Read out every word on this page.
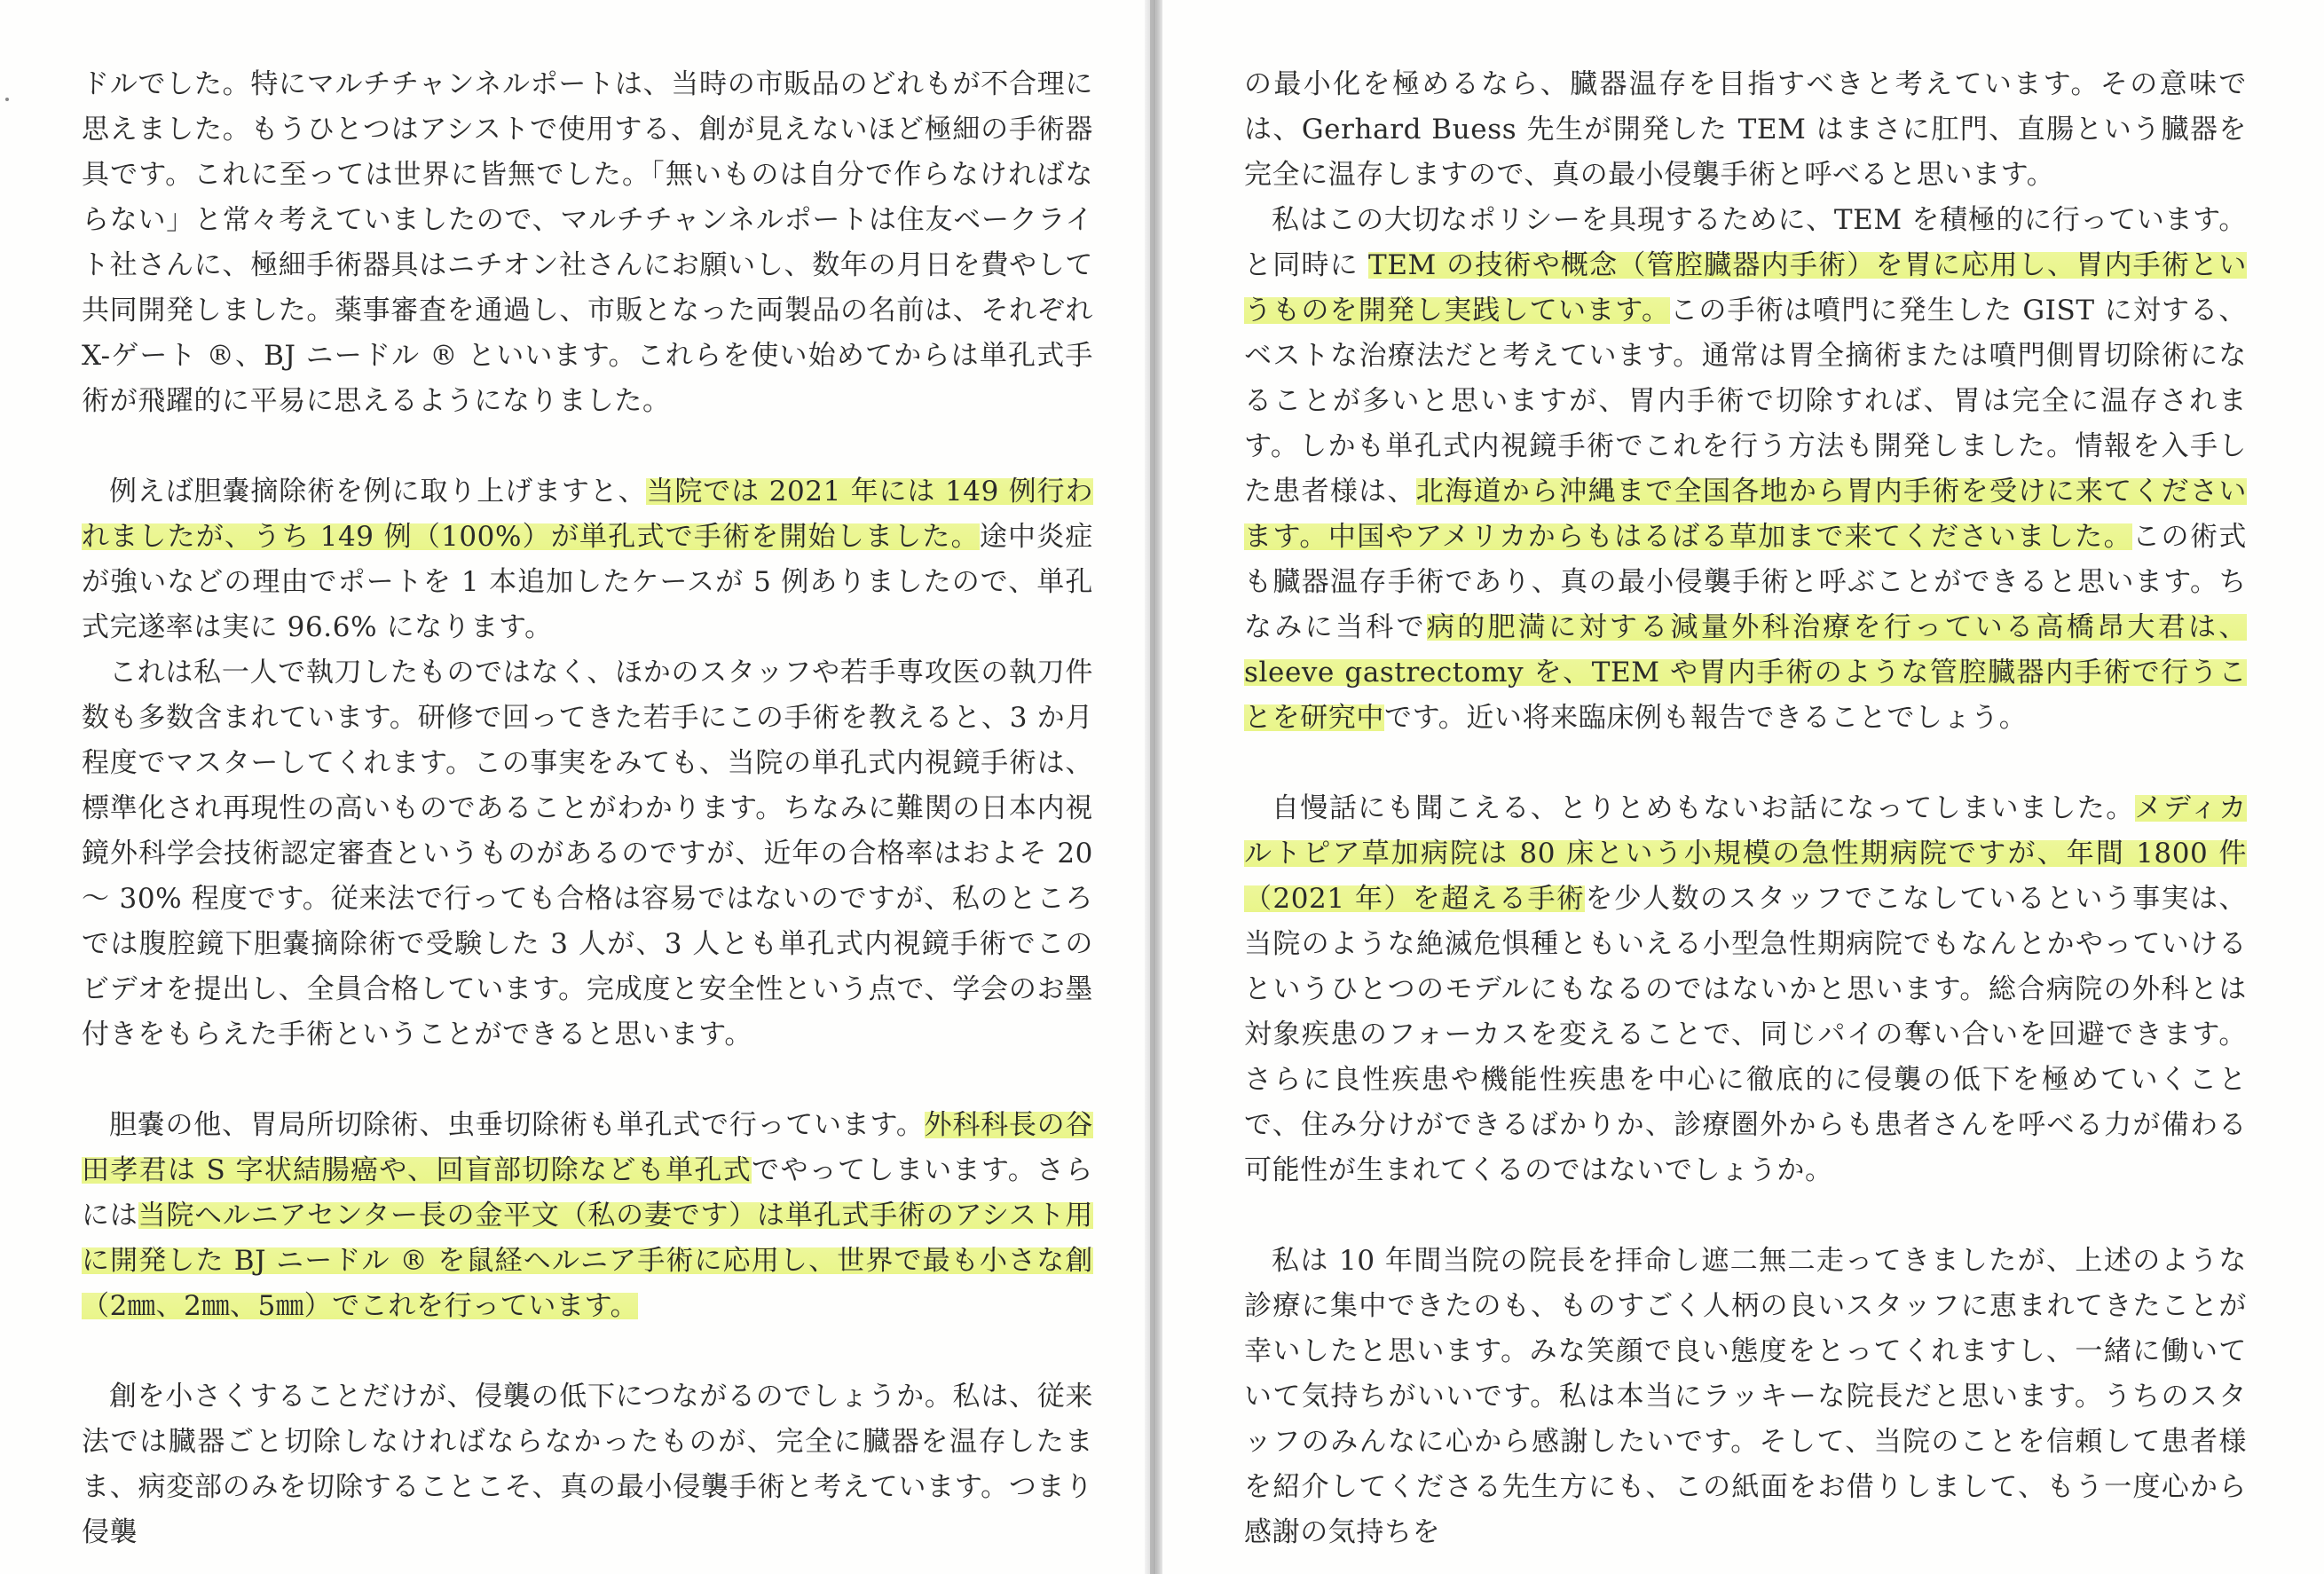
ドルでした。特にマルチチャンネルポートは、当時の市販品のどれもが不合理に思えました。もうひとつはアシストで使用する、創が見えないほど極細の手術器具です。これに至っては世界に皆無でした。「無いものは自分で作らなければならない」と常々考えていましたので、マルチチャンネルポートは住友ベークライト社さんに、極細手術器具はニチオン社さんにお願いし、数年の月日を費やして共同開発しました。薬事審査を通過し、市販となった両製品の名前は、それぞれ X-ゲート ®、BJ ニードル ® といいます。これらを使い始めてからは単孔式手術が飛躍的に平易に思えるようになりました。

例えば胆嚢摘除術を例に取り上げますと、当院では 2021 年には 149 例行われましたが、うち 149 例（100%）が単孔式で手術を開始しました。途中炎症が強いなどの理由でポートを 1 本追加したケースが 5 例ありましたので、単孔式完遂率は実に 96.6% になります。

これは私一人で執刀したものではなく、ほかのスタッフや若手専攻医の執刀件数も多数含まれています。研修で回ってきた若手にこの手術を教えると、3 か月程度でマスターしてくれます。この事実をみても、当院の単孔式内視鏡手術は、標準化され再現性の高いものであることがわかります。ちなみに難関の日本内視鏡外科学会技術認定審査というものがあるのですが、近年の合格率はおよそ 20 ～ 30% 程度です。従来法で行っても合格は容易ではないのですが、私のところでは腹腔鏡下胆嚢摘除術で受験した 3 人が、3 人とも単孔式内視鏡手術でこのビデオを提出し、全員合格しています。完成度と安全性という点で、学会のお墨付きをもらえた手術ということができると思います。

胆嚢の他、胃局所切除術、虫垂切除術も単孔式で行っています。外科科長の谷田孝君は S 字状結腸癌や、回盲部切除なども単孔式でやってしまいます。さらには当院ヘルニアセンター長の金平文（私の妻です）は単孔式手術のアシスト用に開発した BJ ニードル ® を鼠経ヘルニア手術に応用し、世界で最も小さな創（2㎜、2㎜、5㎜）でこれを行っています。

創を小さくすることだけが、侵襲の低下につながるのでしょうか。私は、従来法では臓器ごと切除しなければならなかったものが、完全に臓器を温存したまま、病変部のみを切除することこそ、真の最小侵襲手術と考えています。つまり侵襲

の最小化を極めるなら、臓器温存を目指すべきと考えています。その意味では、Gerhard Buess 先生が開発した TEM はまさに肛門、直腸という臓器を完全に温存しますので、真の最小侵襲手術と呼べると思います。

私はこの大切なポリシーを具現するために、TEM を積極的に行っています。と同時に TEM の技術や概念（管腔臓器内手術）を胃に応用し、胃内手術というものを開発し実践しています。この手術は噴門に発生した GIST に対する、ベストな治療法だと考えています。通常は胃全摘術または噴門側胃切除術になることが多いと思いますが、胃内手術で切除すれば、胃は完全に温存されます。しかも単孔式内視鏡手術でこれを行う方法も開発しました。情報を入手した患者様は、北海道から沖縄まで全国各地から胃内手術を受けに来てくださいます。中国やアメリカからもはるばる草加まで来てくださいました。この術式も臓器温存手術であり、真の最小侵襲手術と呼ぶことができると思います。ちなみに当科で病的肥満に対する減量外科治療を行っている高橋昂大君は、sleeve gastrectomy を、TEM や胃内手術のような管腔臓器内手術で行うことを研究中です。近い将来臨床例も報告できることでしょう。

自慢話にも聞こえる、とりとめもないお話になってしまいました。メディカルトピア草加病院は 80 床という小規模の急性期病院ですが、年間 1800 件（2021 年）を超える手術を少人数のスタッフでこなしているという事実は、当院のような絶滅危惧種ともいえる小型急性期病院でもなんとかやっていけるというひとつのモデルにもなるのではないかと思います。総合病院の外科とは対象疾患のフォーカスを変えることで、同じパイの奪い合いを回避できます。さらに良性疾患や機能性疾患を中心に徹底的に侵襲の低下を極めていくことで、住み分けができるばかりか、診療圏外からも患者さんを呼べる力が備わる可能性が生まれてくるのではないでしょうか。

私は 10 年間当院の院長を拝命し遮二無二走ってきましたが、上述のような診療に集中できたのも、ものすごく人柄の良いスタッフに恵まれてきたことが幸いしたと思います。みな笑顔で良い態度をとってくれますし、一緒に働いていて気持ちがいいです。私は本当にラッキーな院長だと思います。うちのスタッフのみんなに心から感謝したいです。そして、当院のことを信頼して患者様を紹介してくださる先生方にも、この紙面をお借りしまして、もう一度心から感謝の気持ちを
